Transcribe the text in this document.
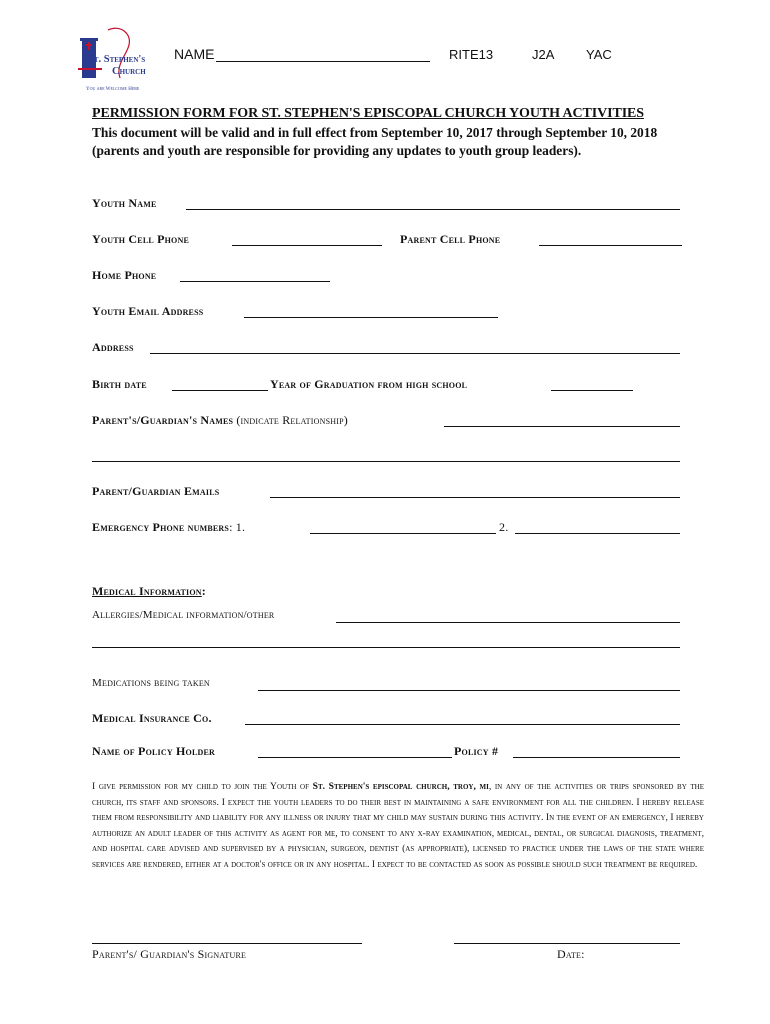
St. Stephen's
Church
You are Welcome Here
NAME	RITE13	J2A YAC
PERMISSION FORM FOR ST. STEPHEN'S EPISCOPAL CHURCH YOUTH ACTIVITIES
This document will be valid and in full effect from September 10, 2017 through September 10, 2018 (parents and youth are responsible for providing any updates to youth group leaders).
Youth Name
Youth Cell Phone	Parent Cell Phone
Home Phone
Youth Email Address
Address
Birth date	Year of Graduation from high school
Parent's/Guardian's Names (indicate Relationship)
Parent/Guardian Emails
Emergency Phone numbers: 1.	2.
Medical Information:
Allergies/Medical information/other
Medications being taken
Medical Insurance Co.
Name of Policy Holder	Policy #
I give permission for my child to join the Youth of St. Stephen's episcopal church, troy, mi, in any of the activities or trips sponsored by the church, its staff and sponsors. I expect the youth leaders to do their best in maintaining a safe environment for all the children. I hereby release them from responsibility and liability for any illness or injury that my child may sustain during this activity. In the event of an emergency, I hereby authorize an adult leader of this activity as agent for me, to consent to any x-ray examination, medical, dental, or surgical diagnosis, treatment, and hospital care advised and supervised by a physician, surgeon, dentist (as appropriate), licensed to practice under the laws of the state where services are rendered, either at a doctor's office or in any hospital. I expect to be contacted as soon as possible should such treatment be required.
Parent's/ Guardian's Signature	Date:
